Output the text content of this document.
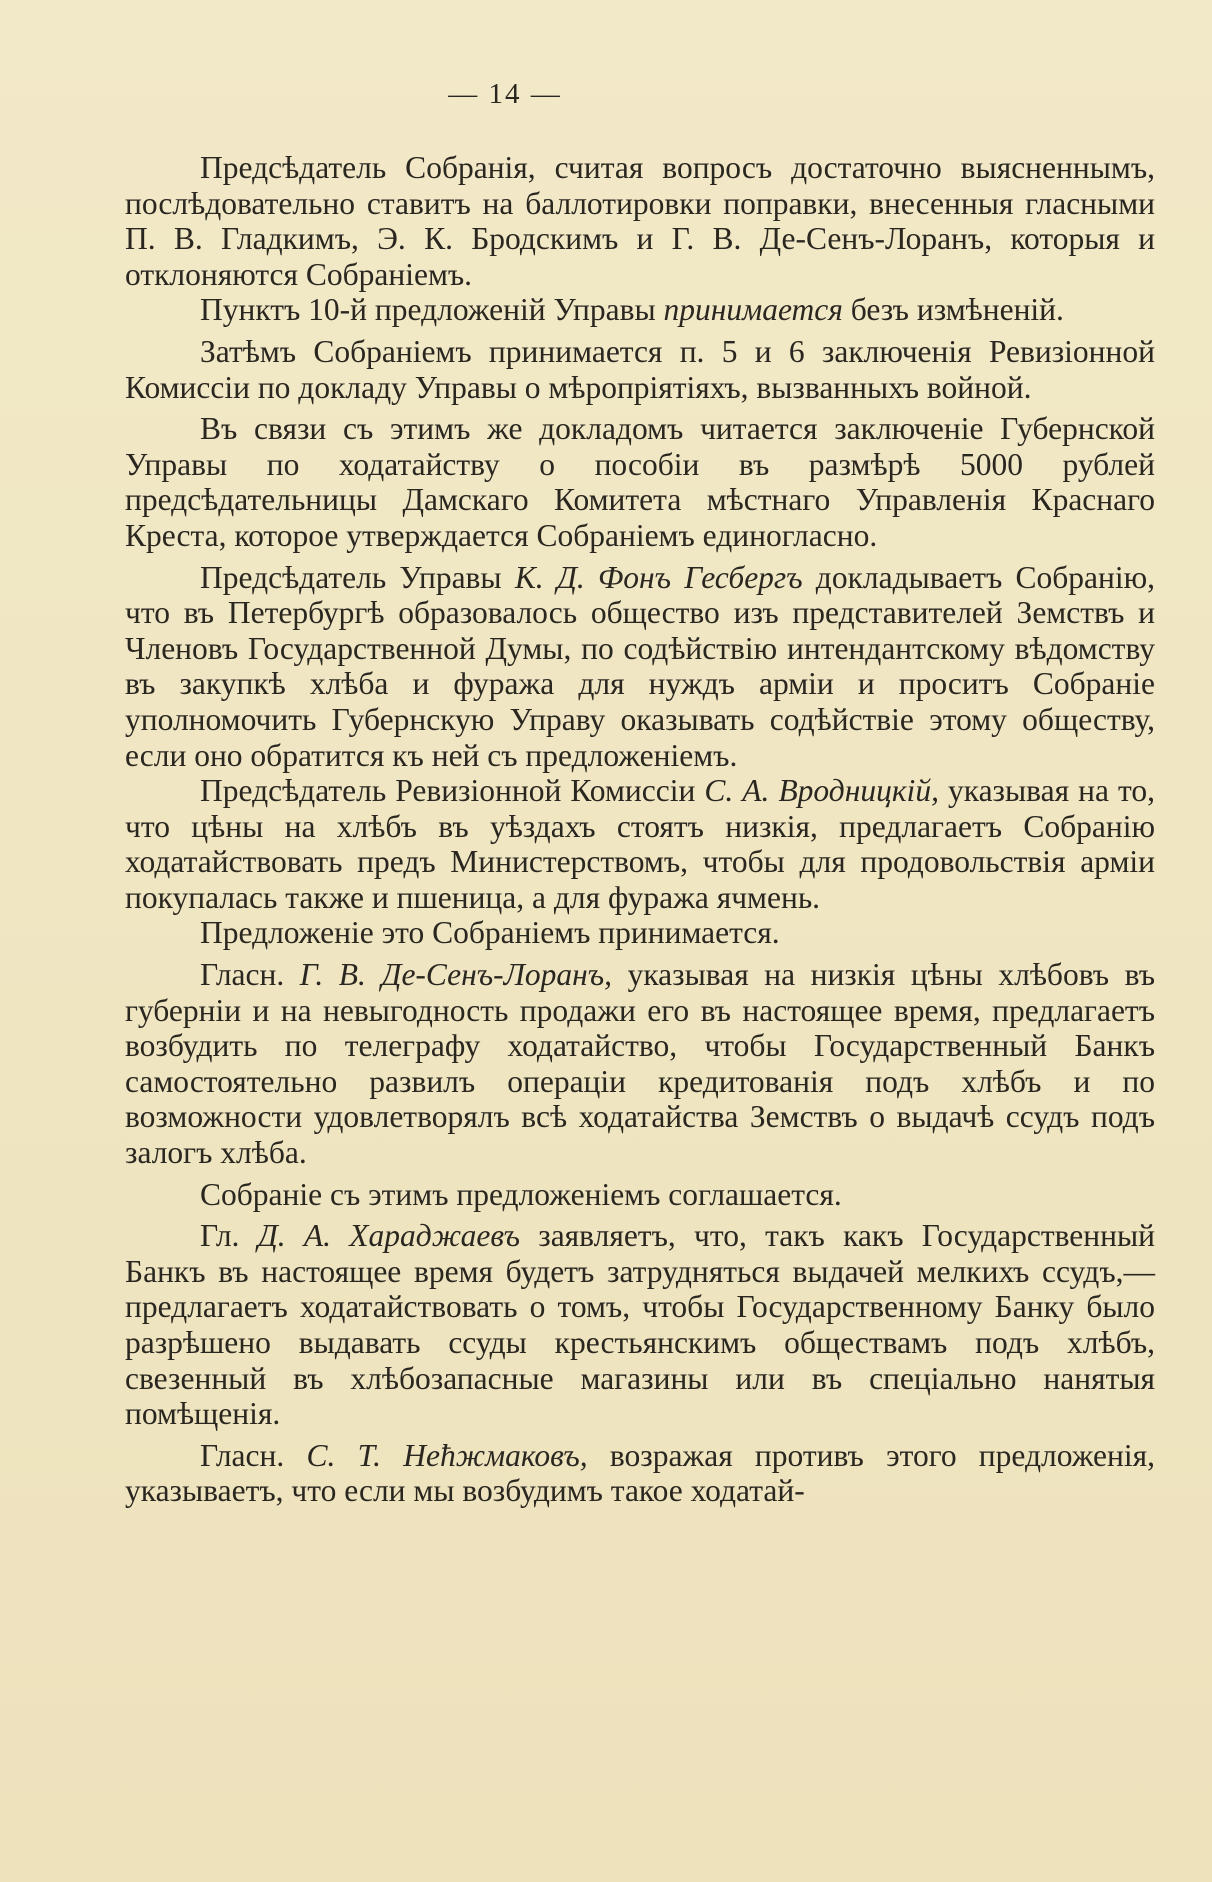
— 14 —

Предсѣдатель Собранія, считая вопросъ достаточно выясненнымъ, послѣдовательно ставитъ на баллотировки поправки, внесенныя гласными П. В. Гладкимъ, Э. К. Бродскимъ и Г. В. Де-Сенъ-Лоранъ, которыя и отклоняются Собраніемъ.

Пунктъ 10-й предложеній Управы принимается безъ измѣненій.

Затѣмъ Собраніемъ принимается п. 5 и 6 заключенія Ревизіонной Комиссіи по докладу Управы о мѣропріятіяхъ, вызванныхъ войной.

Въ связи съ этимъ же докладомъ читается заключеніе Губернской Управы по ходатайству о пособіи въ размѣрѣ 5000 рублей предсѣдательницы Дамскаго Комитета мѣстнаго Управленія Краснаго Креста, которое утверждается Собраніемъ единогласно.

Предсѣдатель Управы К. Д. Фонъ Гесбергъ докладываетъ Собранію, что въ Петербургѣ образовалось общество изъ представителей Земствъ и Членовъ Государственной Думы, по содѣйствію интендантскому вѣдомству въ закупкѣ хлѣба и фуража для нуждъ арміи и проситъ Собраніе уполномочить Губернскую Управу оказывать содѣйствіе этому обществу, если оно обратится къ ней съ предложеніемъ.

Предсѣдатель Ревизіонной Комиссіи С. А. Вродницкій, указывая на то, что цѣны на хлѣбъ въ уѣздахъ стоятъ низкія, предлагаетъ Собранію ходатайствовать предъ Министерствомъ, чтобы для продовольствія арміи покупалась также и пшеница, а для фуража ячмень.

Предложеніе это Собраніемъ принимается.

Гласн. Г. В. Де-Сенъ-Лоранъ, указывая на низкія цѣны хлѣбовъ въ губерніи и на невыгодность продажи его въ настоящее время, предлагаетъ возбудить по телеграфу ходатайство, чтобы Государственный Банкъ самостоятельно развилъ операціи кредитованія подъ хлѣбъ и по возможности удовлетворялъ всѣ ходатайства Земствъ о выдачѣ ссудъ подъ залогъ хлѣба.

Собраніе съ этимъ предложеніемъ соглашается.

Гл. Д. А. Хараджаевъ заявляетъ, что, такъ какъ Государственный Банкъ въ настоящее время будетъ затрудняться выдачей мелкихъ ссудъ,—предлагаетъ ходатайствовать о томъ, чтобы Государственному Банку было разрѣшено выдавать ссуды крестьянскимъ обществамъ подъ хлѣбъ, свезенный въ хлѣбозапасные магазины или въ спеціально нанятыя помѣщенія.

Гласн. С. Т. Нећжмаковъ, возражая противъ этого предложенія, указываетъ, что если мы возбудимъ такое ходатай-
